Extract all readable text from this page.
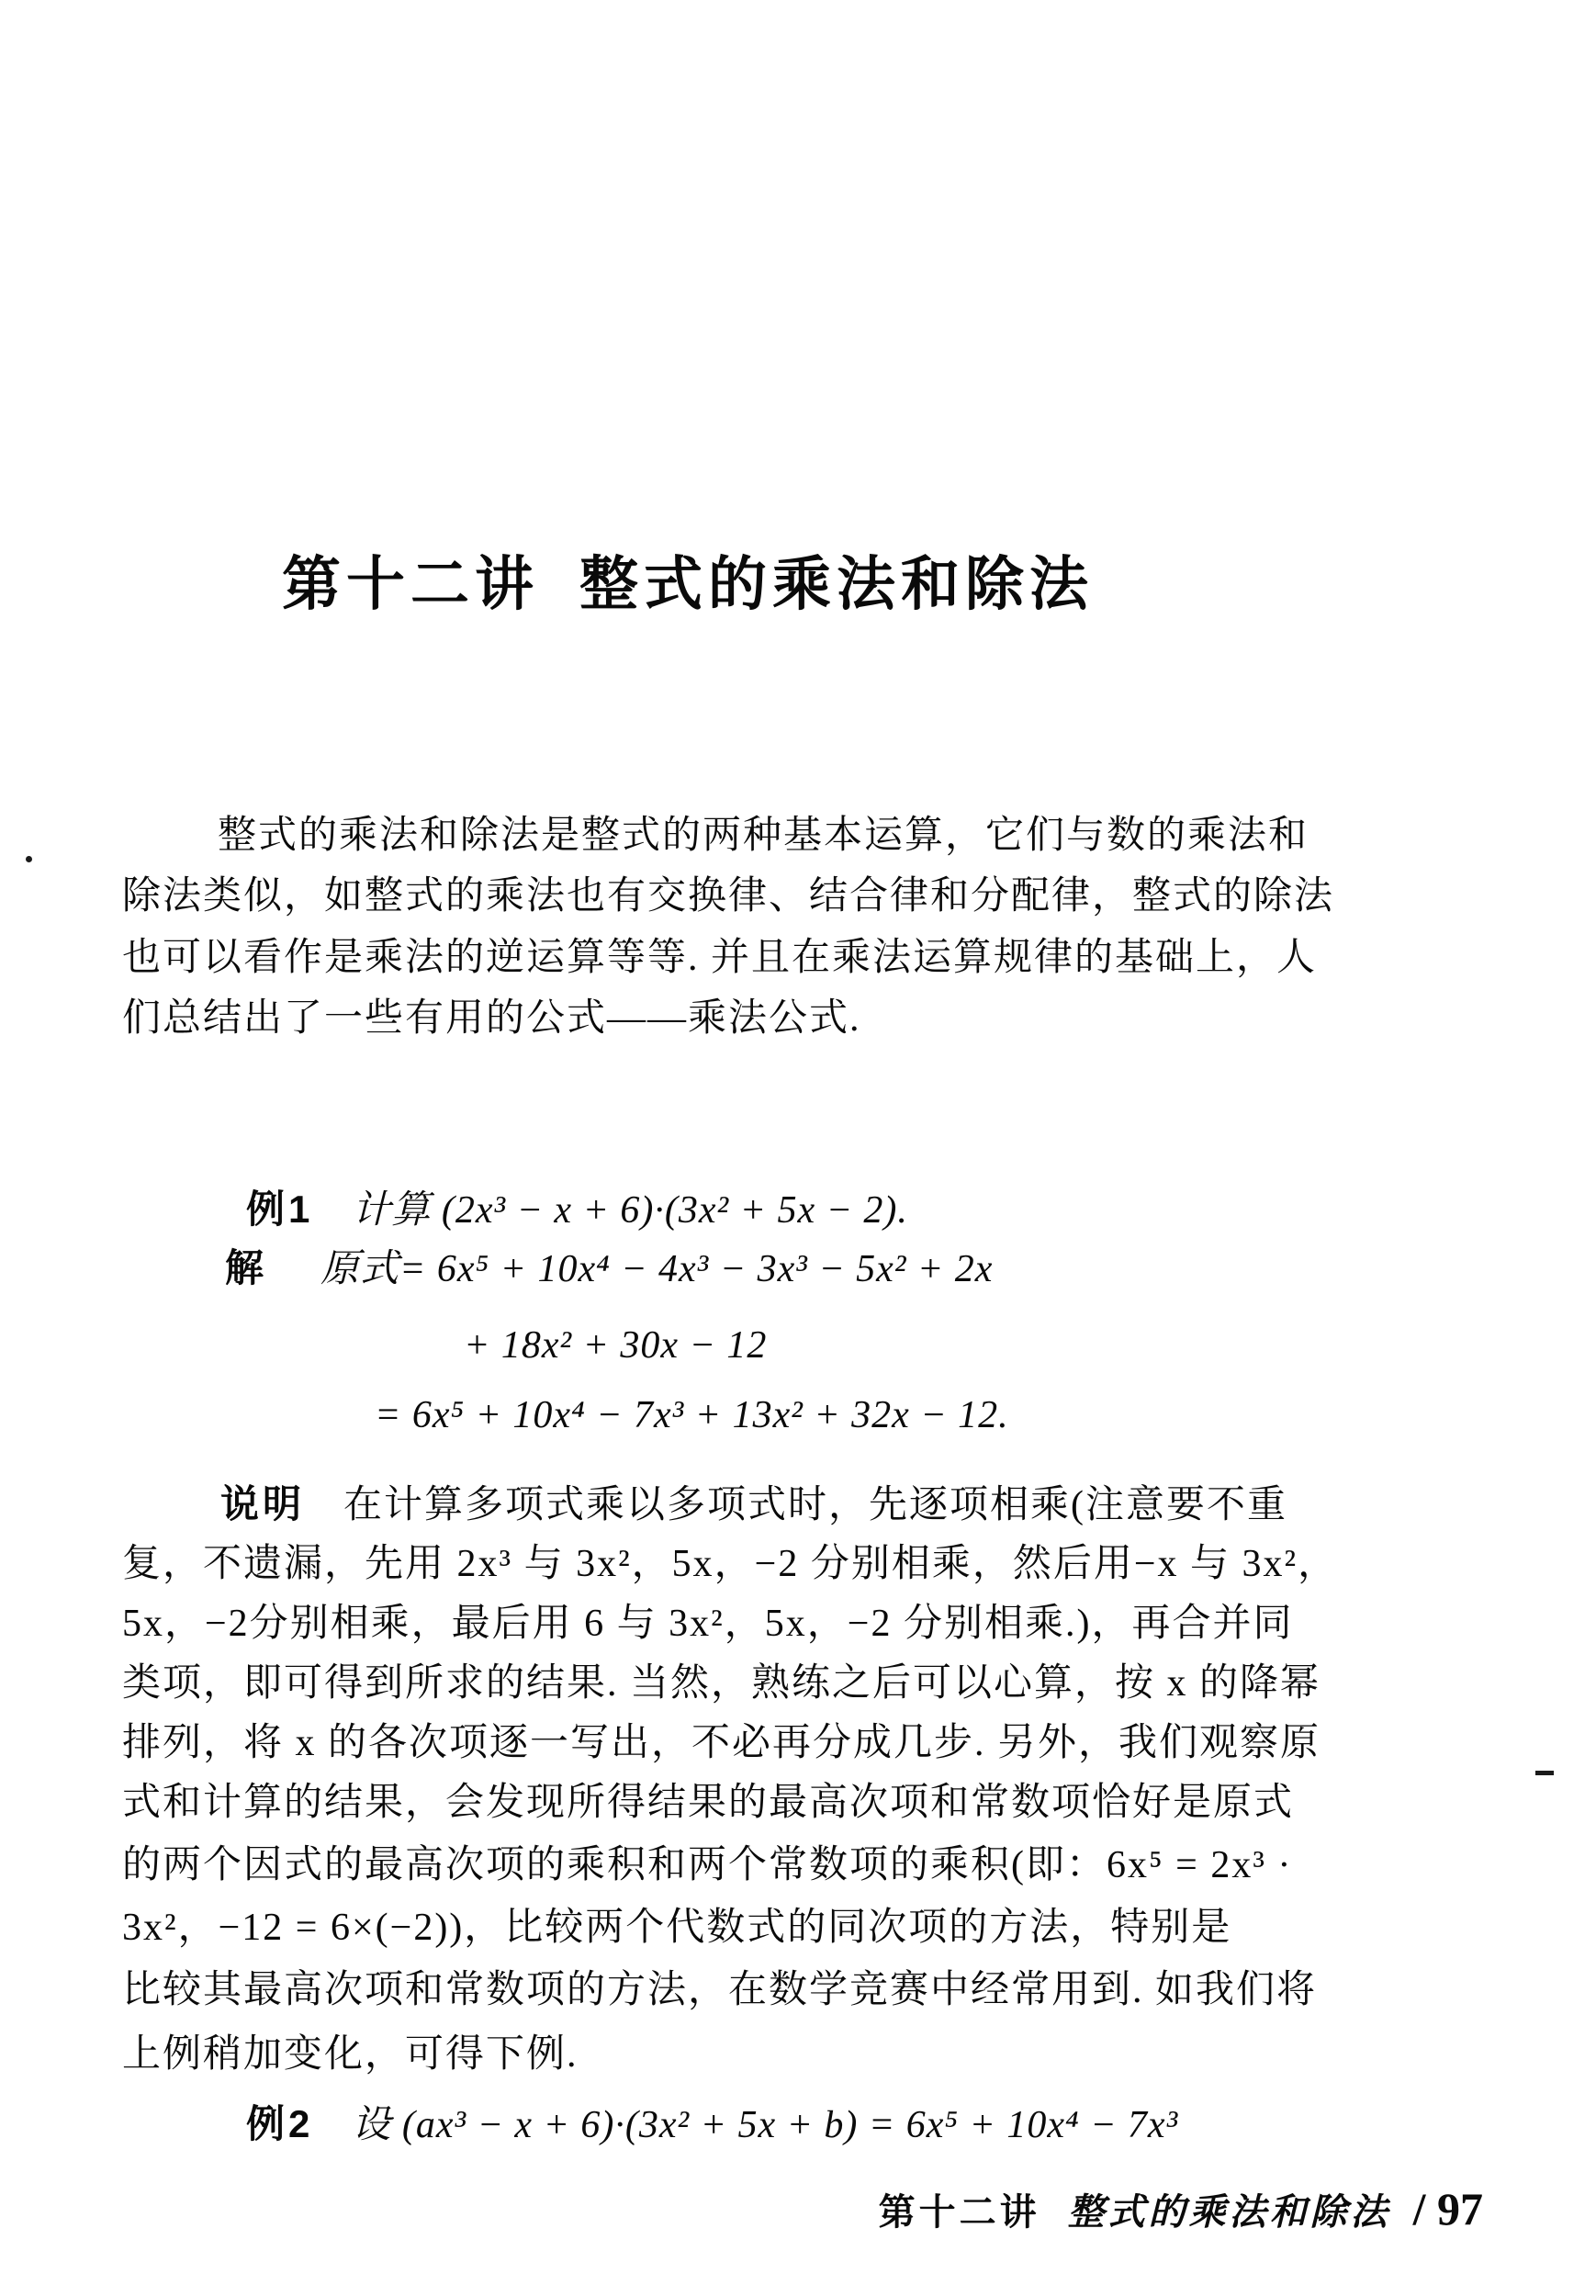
第十二讲 整式的乘法和除法
整式的乘法和除法是整式的两种基本运算，它们与数的乘法和
除法类似，如整式的乘法也有交换律、结合律和分配律，整式的除法
也可以看作是乘法的逆运算等等. 并且在乘法运算规律的基础上，人
们总结出了一些有用的公式——乘法公式.
例1 计算 (2x³ − x + 6)·(3x² + 5x − 2).
解 原式= 6x⁵ + 10x⁴ − 4x³ − 3x³ − 5x² + 2x
+ 18x² + 30x − 12
= 6x⁵ + 10x⁴ − 7x³ + 13x² + 32x − 12.
说明 在计算多项式乘以多项式时，先逐项相乘(注意要不重
复，不遗漏，先用 2x³ 与 3x²，5x，−2 分别相乘，然后用−x 与 3x²，
5x，−2分别相乘，最后用 6 与 3x²，5x，−2 分别相乘.)，再合并同
类项，即可得到所求的结果. 当然，熟练之后可以心算，按 x 的降幂
排列，将 x 的各次项逐一写出，不必再分成几步. 另外，我们观察原
式和计算的结果，会发现所得结果的最高次项和常数项恰好是原式
的两个因式的最高次项的乘积和两个常数项的乘积(即：6x⁵ = 2x³ ·
3x²，−12 = 6×(−2))，比较两个代数式的同次项的方法，特别是
比较其最高次项和常数项的方法，在数学竞赛中经常用到. 如我们将
上例稍加变化，可得下例.
例2 设 (ax³ − x + 6)·(3x² + 5x + b) = 6x⁵ + 10x⁴ − 7x³
第十二讲 整式的乘法和除法 / 97
